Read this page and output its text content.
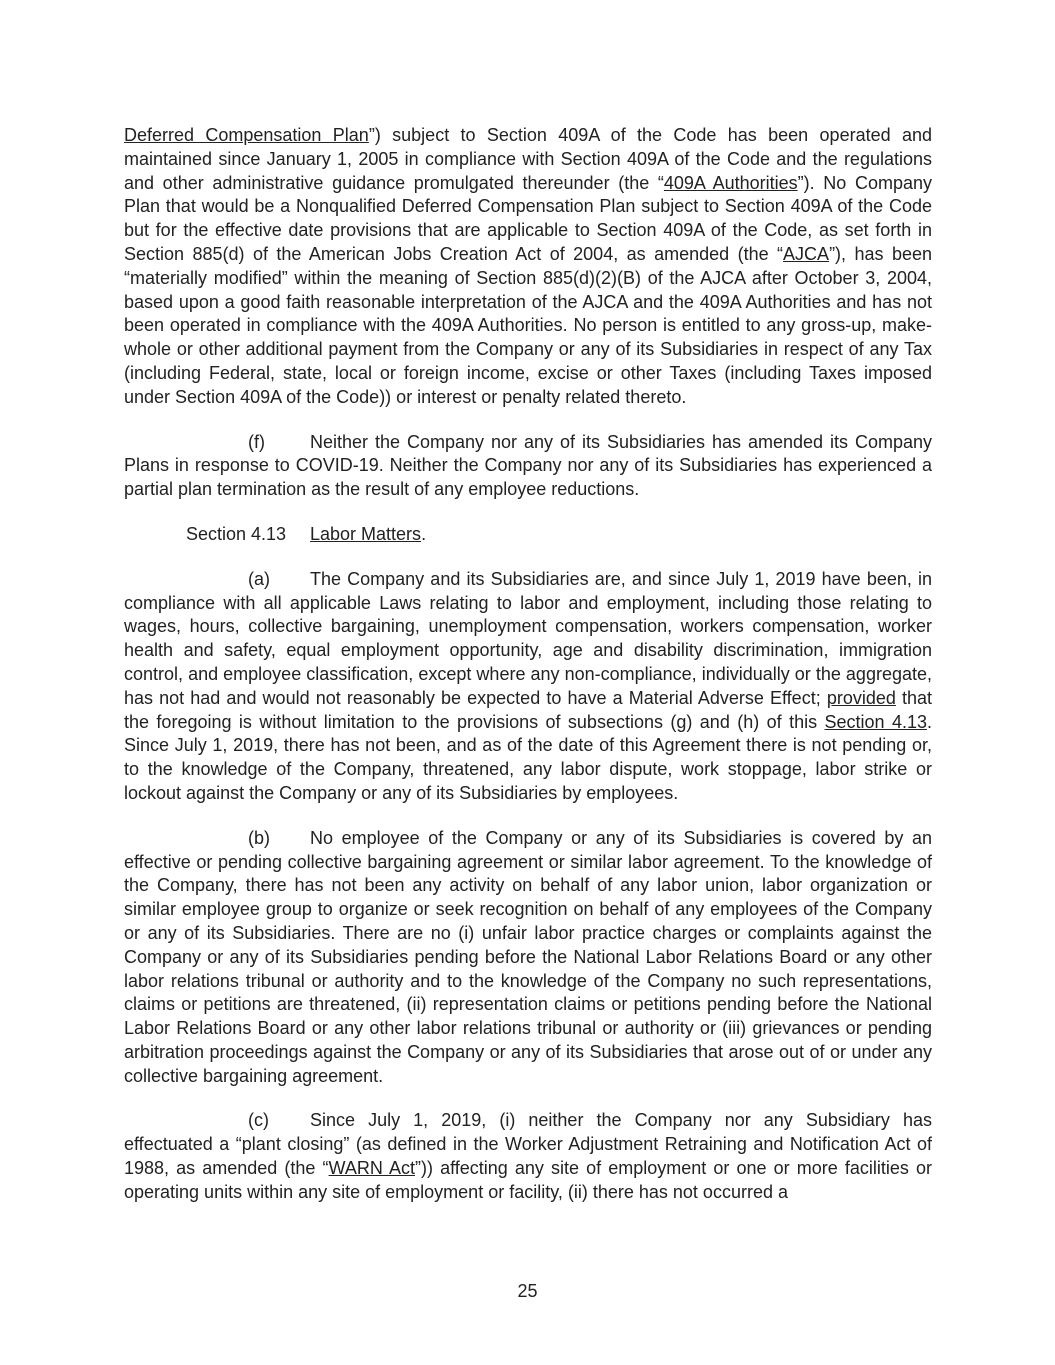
Deferred Compensation Plan”) subject to Section 409A of the Code has been operated and maintained since January 1, 2005 in compliance with Section 409A of the Code and the regulations and other administrative guidance promulgated thereunder (the “409A Authorities”). No Company Plan that would be a Nonqualified Deferred Compensation Plan subject to Section 409A of the Code but for the effective date provisions that are applicable to Section 409A of the Code, as set forth in Section 885(d) of the American Jobs Creation Act of 2004, as amended (the “AJCA”), has been “materially modified” within the meaning of Section 885(d)(2)(B) of the AJCA after October 3, 2004, based upon a good faith reasonable interpretation of the AJCA and the 409A Authorities and has not been operated in compliance with the 409A Authorities. No person is entitled to any gross-up, make-whole or other additional payment from the Company or any of its Subsidiaries in respect of any Tax (including Federal, state, local or foreign income, excise or other Taxes (including Taxes imposed under Section 409A of the Code)) or interest or penalty related thereto.

(f)	Neither the Company nor any of its Subsidiaries has amended its Company Plans in response to COVID-19. Neither the Company nor any of its Subsidiaries has experienced a partial plan termination as the result of any employee reductions.

Section 4.13 Labor Matters.

(a) The Company and its Subsidiaries are, and since July 1, 2019 have been, in compliance with all applicable Laws relating to labor and employment, including those relating to wages, hours, collective bargaining, unemployment compensation, workers compensation, worker health and safety, equal employment opportunity, age and disability discrimination, immigration control, and employee classification, except where any non-compliance, individually or the aggregate, has not had and would not reasonably be expected to have a Material Adverse Effect; provided that the foregoing is without limitation to the provisions of subsections (g) and (h) of this Section 4.13. Since July 1, 2019, there has not been, and as of the date of this Agreement there is not pending or, to the knowledge of the Company, threatened, any labor dispute, work stoppage, labor strike or lockout against the Company or any of its Subsidiaries by employees.

(b) No employee of the Company or any of its Subsidiaries is covered by an effective or pending collective bargaining agreement or similar labor agreement. To the knowledge of the Company, there has not been any activity on behalf of any labor union, labor organization or similar employee group to organize or seek recognition on behalf of any employees of the Company or any of its Subsidiaries. There are no (i) unfair labor practice charges or complaints against the Company or any of its Subsidiaries pending before the National Labor Relations Board or any other labor relations tribunal or authority and to the knowledge of the Company no such representations, claims or petitions are threatened, (ii) representation claims or petitions pending before the National Labor Relations Board or any other labor relations tribunal or authority or (iii) grievances or pending arbitration proceedings against the Company or any of its Subsidiaries that arose out of or under any collective bargaining agreement.

(c) Since July 1, 2019, (i) neither the Company nor any Subsidiary has effectuated a “plant closing” (as defined in the Worker Adjustment Retraining and Notification Act of 1988, as amended (the “WARN Act”)) affecting any site of employment or one or more facilities or operating units within any site of employment or facility, (ii) there has not occurred a

25
